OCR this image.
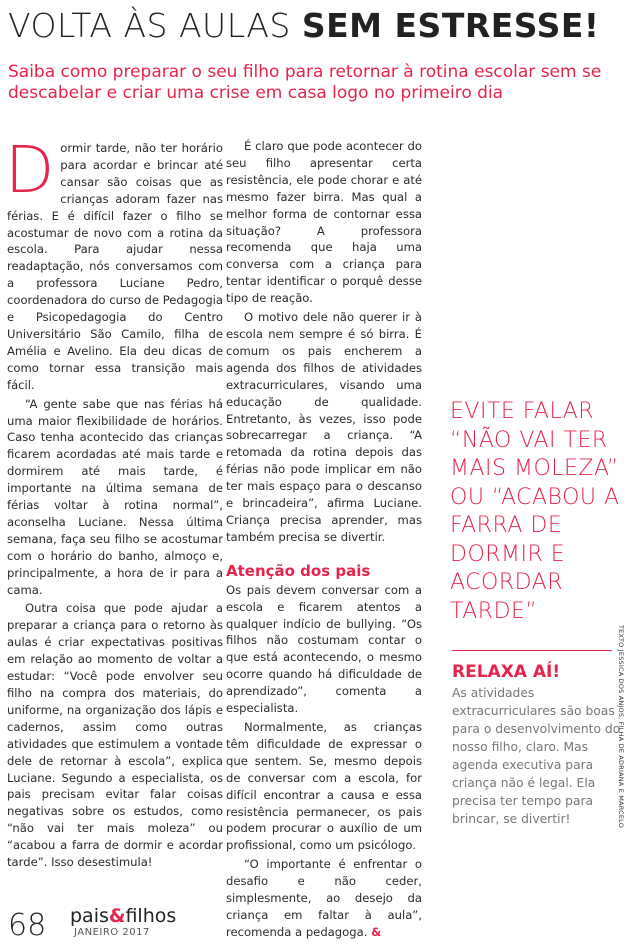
VOLTA ÀS AULAS SEM ESTRESSE!
Saiba como preparar o seu filho para retornar à rotina escolar sem se descabelar e criar uma crise em casa logo no primeiro dia

Dormir tarde, não ter horário para acordar e brincar até cansar são coisas que as crianças adoram fazer nas férias. E é difícil fazer o filho se acostumar de novo com a rotina da escola. Para ajudar nessa readaptação, nós conversamos com a professora Luciane Pedro, coordenadora do curso de Pedagogia e Psicopedagogia do Centro Universitário São Camilo, filha de Amélia e Avelino. Ela deu dicas de como tornar essa transição mais fácil.

“A gente sabe que nas férias há uma maior flexibilidade de horários. Caso tenha acontecido das crianças ficarem acordadas até mais tarde e dormirem até mais tarde, é importante na última semana de férias voltar à rotina normal”, aconselha Luciane. Nessa última semana, faça seu filho se acostumar com o horário do banho, almoço e, principalmente, a hora de ir para a cama.

Outra coisa que pode ajudar a preparar a criança para o retorno às aulas é criar expectativas positivas em relação ao momento de voltar a estudar: “Você pode envolver seu filho na compra dos materiais, do uniforme, na organização dos lápis e cadernos, assim como outras atividades que estimulem a vontade dele de retornar à escola”, explica Luciane. Segundo a especialista, os pais precisam evitar falar coisas negativas sobre os estudos, como “não vai ter mais moleza” ou “acabou a farra de dormir e acordar tarde”. Isso desestimula!

É claro que pode acontecer do seu filho apresentar certa resistência, ele pode chorar e até mesmo fazer birra. Mas qual a melhor forma de contornar essa situação? A professora recomenda que haja uma conversa com a criança para tentar identificar o porquê desse tipo de reação.

O motivo dele não querer ir à escola nem sempre é só birra. É comum os pais encherem a agenda dos filhos de atividades extracurriculares, visando uma educação de qualidade. Entretanto, às vezes, isso pode sobrecarregar a criança. “A retomada da rotina depois das férias não pode implicar em não ter mais espaço para o descanso e brincadeira”, afirma Luciane. Criança precisa aprender, mas também precisa se divertir.

Atenção dos pais

Os pais devem conversar com a escola e ficarem atentos a qualquer indício de bullying. “Os filhos não costumam contar o que está acontecendo, o mesmo ocorre quando há dificuldade de aprendizado”, comenta a especialista.

Normalmente, as crianças têm dificuldade de expressar o que sentem. Se, mesmo depois de conversar com a escola, for difícil encontrar a causa e essa resistência permanecer, os pais podem procurar o auxílio de um profissional, como um psicólogo.

“O importante é enfrentar o desafio e não ceder, simplesmente, ao desejo da criança em faltar à aula”, recomenda a pedagoga. &

EVITE FALAR “NÃO VAI TER MAIS MOLEZA” OU “ACABOU A FARRA DE DORMIR E ACORDAR TARDE”
RELAXA AÍ!
As atividades extracurriculares são boas para o desenvolvimento do nosso filho, claro. Mas agenda executiva para criança não é legal. Ela precisa ter tempo para brincar, se divertir!	TEXTO JESSICA DOS ANJOS, FILHA DE ADRIANA E MARCELO
68 pais&filhos
JANEIRO 2017
